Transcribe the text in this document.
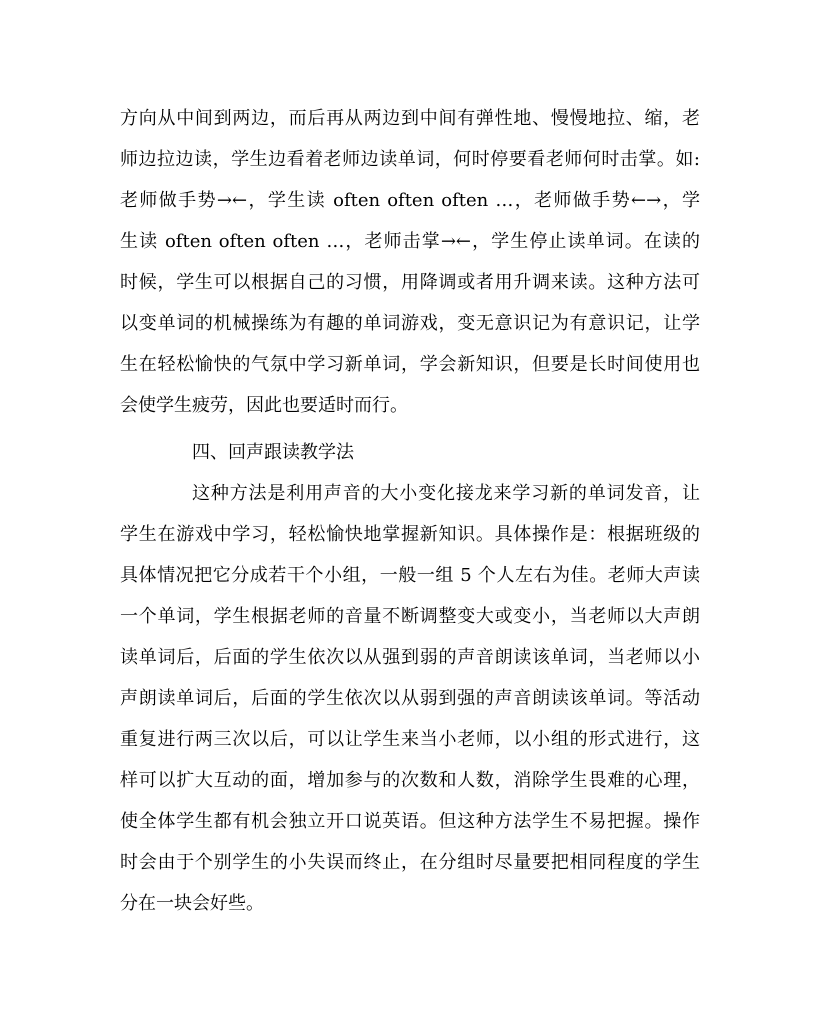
方向从中间到两边，而后再从两边到中间有弹性地、慢慢地拉、缩，老
师边拉边读，学生边看着老师边读单词，何时停要看老师何时击掌。如:
老师做手势→←，学生读 often often often …，老师做手势←→，学
生读 often often often …，老师击掌→←，学生停止读单词。在读的
时候，学生可以根据自己的习惯，用降调或者用升调来读。这种方法可
以变单词的机械操练为有趣的单词游戏，变无意识记为有意识记，让学
生在轻松愉快的气氛中学习新单词，学会新知识，但要是长时间使用也
会使学生疲劳，因此也要适时而行。
四、回声跟读教学法
这种方法是利用声音的大小变化接龙来学习新的单词发音，让
学生在游戏中学习，轻松愉快地掌握新知识。具体操作是：根据班级的
具体情况把它分成若干个小组，一般一组 5 个人左右为佳。老师大声读
一个单词，学生根据老师的音量不断调整变大或变小，当老师以大声朗
读单词后，后面的学生依次以从强到弱的声音朗读该单词，当老师以小
声朗读单词后，后面的学生依次以从弱到强的声音朗读该单词。等活动
重复进行两三次以后，可以让学生来当小老师，以小组的形式进行，这
样可以扩大互动的面，增加参与的次数和人数，消除学生畏难的心理，
使全体学生都有机会独立开口说英语。但这种方法学生不易把握。操作
时会由于个别学生的小失误而终止，在分组时尽量要把相同程度的学生
分在一块会好些。
